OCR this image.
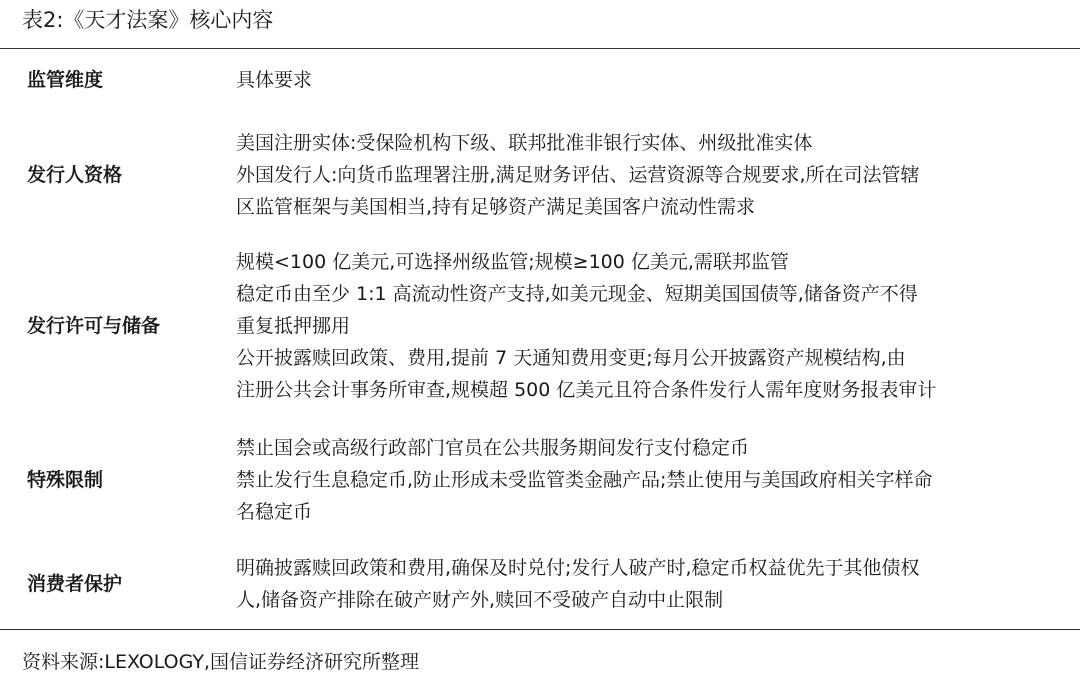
表2:《天才法案》核心内容
监管维度	具体要求
发行人资格
美国注册实体:受保险机构下级、联邦批准非银行实体、州级批准实体
外国发行人:向货币监理署注册,满足财务评估、运营资源等合规要求,所在司法管辖
区监管框架与美国相当,持有足够资产满足美国客户流动性需求
发行许可与储备
规模<100 亿美元,可选择州级监管;规模≥100 亿美元,需联邦监管
稳定币由至少 1:1 高流动性资产支持,如美元现金、短期美国国债等,储备资产不得
重复抵押挪用
公开披露赎回政策、费用,提前 7 天通知费用变更;每月公开披露资产规模结构,由
注册公共会计事务所审查,规模超 500 亿美元且符合条件发行人需年度财务报表审计
特殊限制
禁止国会或高级行政部门官员在公共服务期间发行支付稳定币
禁止发行生息稳定币,防止形成未受监管类金融产品;禁止使用与美国政府相关字样命
名稳定币
消费者保护
明确披露赎回政策和费用,确保及时兑付;发行人破产时,稳定币权益优先于其他债权
人,储备资产排除在破产财产外,赎回不受破产自动中止限制
资料来源:LEXOLOGY,国信证券经济研究所整理
